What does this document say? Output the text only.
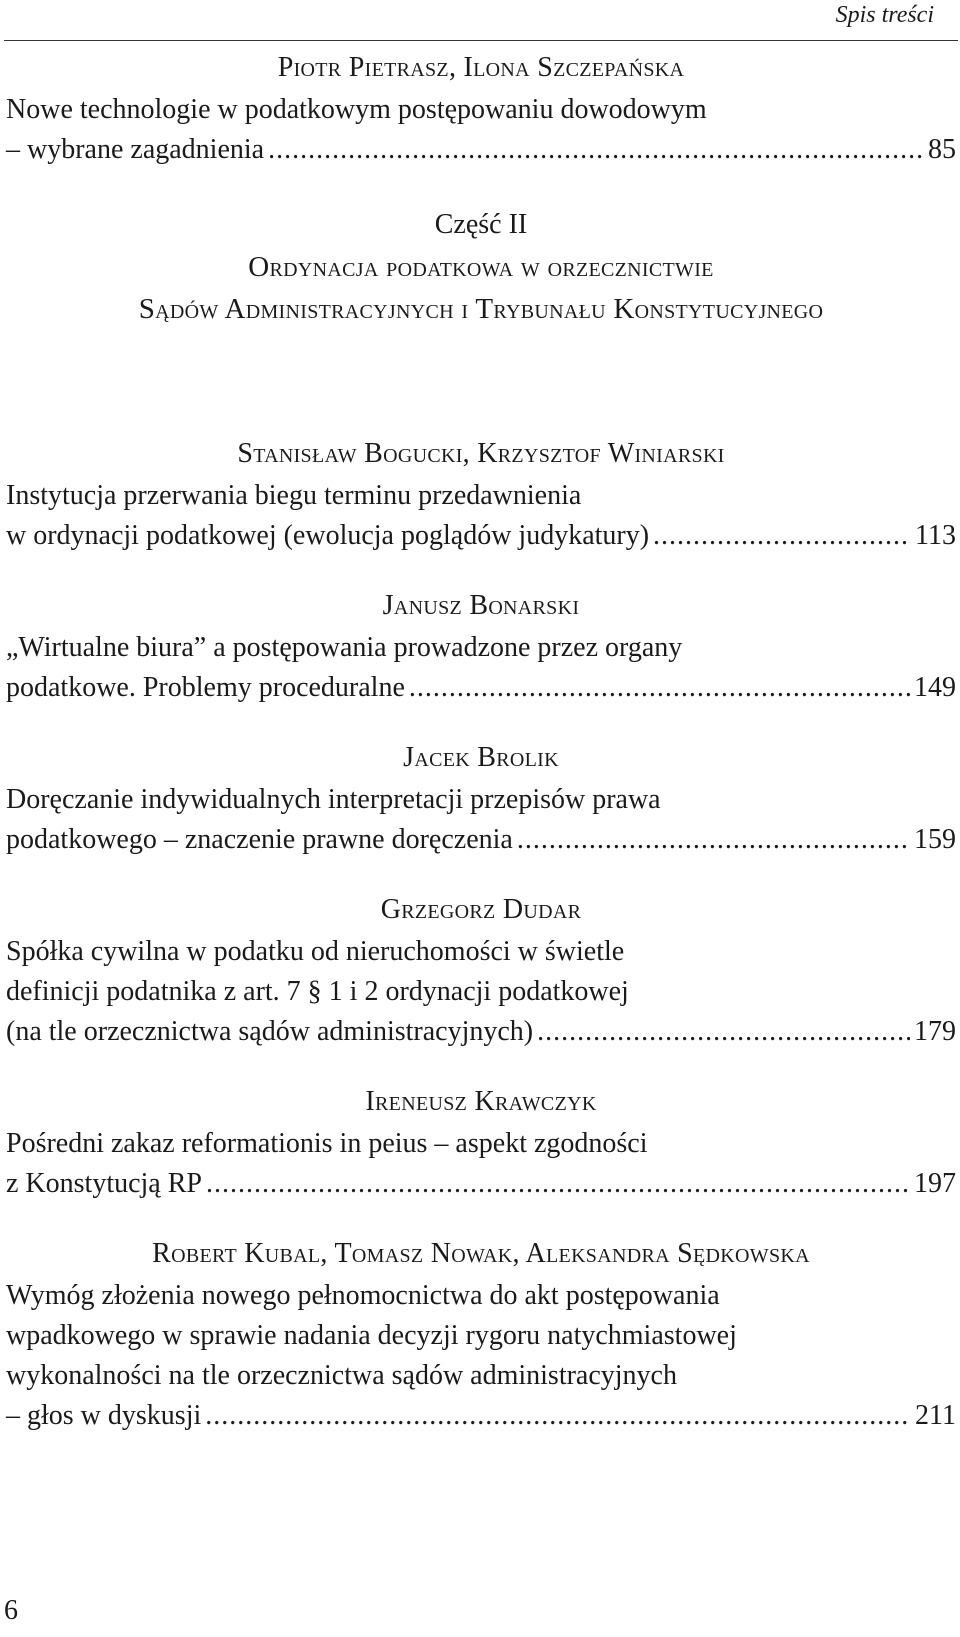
Spis treści
Piotr Pietrasz, Ilona Szczepańska
Nowe technologie w podatkowym postępowaniu dowodowym
– wybrane zagadnienia .....	85
Część II
Ordynacja podatkowa w orzecznictwie
Sądów Administracyjnych i Trybunału Konstytucyjnego
Stanisław Bogucki, Krzysztof Winiarski
Instytucja przerwania biegu terminu przedawnienia
w ordynacji podatkowej (ewolucja poglądów judykatury) .....	113
Janusz Bonarski
„Wirtualne biura” a postępowania prowadzone przez organy
podatkowe. Problemy proceduralne .....	149
Jacek Brolik
Doręczanie indywidualnych interpretacji przepisów prawa
podatkowego – znaczenie prawne doręczenia .....	159
Grzegorz Dudar
Spółka cywilna w podatku od nieruchomości w świetle
definicji podatnika z art. 7 § 1 i 2 ordynacji podatkowej
(na tle orzecznictwa sądów administracyjnych) .....	179
Ireneusz Krawczyk
Pośredni zakaz reformationis in peius – aspekt zgodności
z Konstytucją RP .....	197
Robert Kubal, Tomasz Nowak, Aleksandra Sędkowska
Wymóg złożenia nowego pełnomocnictwa do akt postępowania
wpadkowego w sprawie nadania decyzji rygoru natychmiastowej
wykonalności na tle orzecznictwa sądów administracyjnych
– głos w dyskusji .....	211
6
